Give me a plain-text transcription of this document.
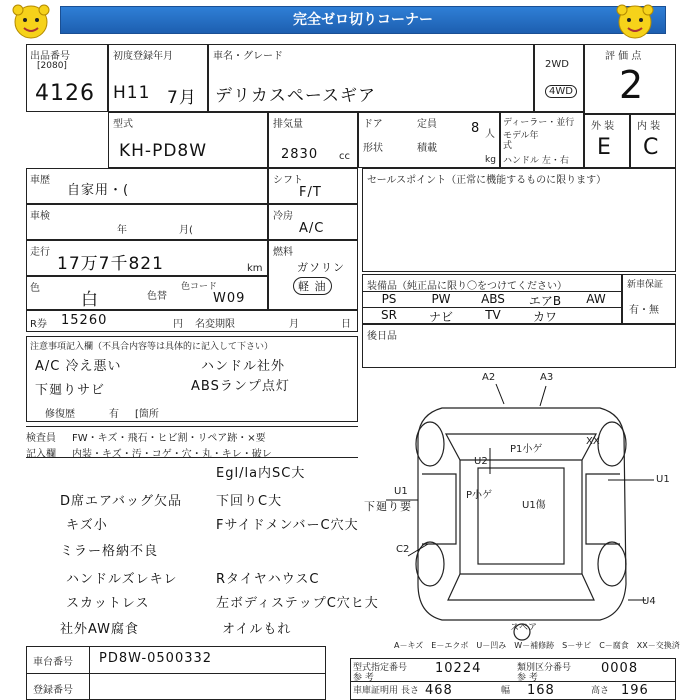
完全ゼロ切りコーナー
出品番号
[2080]
4126
初度登録年月
H11 7月
車名・グレード
デリカスペースギア
2WD
4WD
評 価 点
2
型式
KH-PD8W
排気量
2830 cc
ドア	定員	8 人
形状	積載
kg
ディーラー・並行
モデル年式
ハンドル 左・右
外 装
E
内 装
C
車歴
自家用・(
シフト
F/T
車検
年	月(
冷房
A/C
走行
17万7千821	km
燃料
ガソリン
軽 油
色
白	色替
色コード
W09
R券 15260	円 名変期限	月	日
注意事項記入欄（不具合内容等は具体的に記入して下さい）
A/C 冷え悪い	ハンドル社外
下廻りサビ	ABSランプ点灯
修復歴	有 [箇所
検査員
記入欄
FW・キズ・飛石・ヒビ割・リペア跡・×要
内装・キズ・汚・コゲ・穴・丸・キレ・破レ
Egl/la内SC大
D席エアバッグ欠品	下回りC大
キズ小	FサイドメンバーC穴大
ミラー格納不良
ハンドルズレキレ	RタイヤハウスC
スカットレス	左ボディステップC穴ヒ大
社外AW腐食	オイルもれ
下廻り要
セールスポイント（正常に機能するものに限ります）
装備品（純正品に限り〇をつけてください）
PS	PW	ABS	エアB	AW
SR	ナビ	TV	カワ
新車保証
有・無
後日品
A2	A3
P1小ゲ
XX
U2
U1
P小ゲ
U1傷
U1
C2
U4
スペア
A－キズ　E－エクボ　U－凹み　W－補修跡　S－サビ　C－腐食　XX－交換済
車台番号 PD8W-0500332
登録番号
型式指定番号
参 考
10224	類別区分番号
参 考
0008
車庫証明用 長さ 468	幅 168	高さ 196
